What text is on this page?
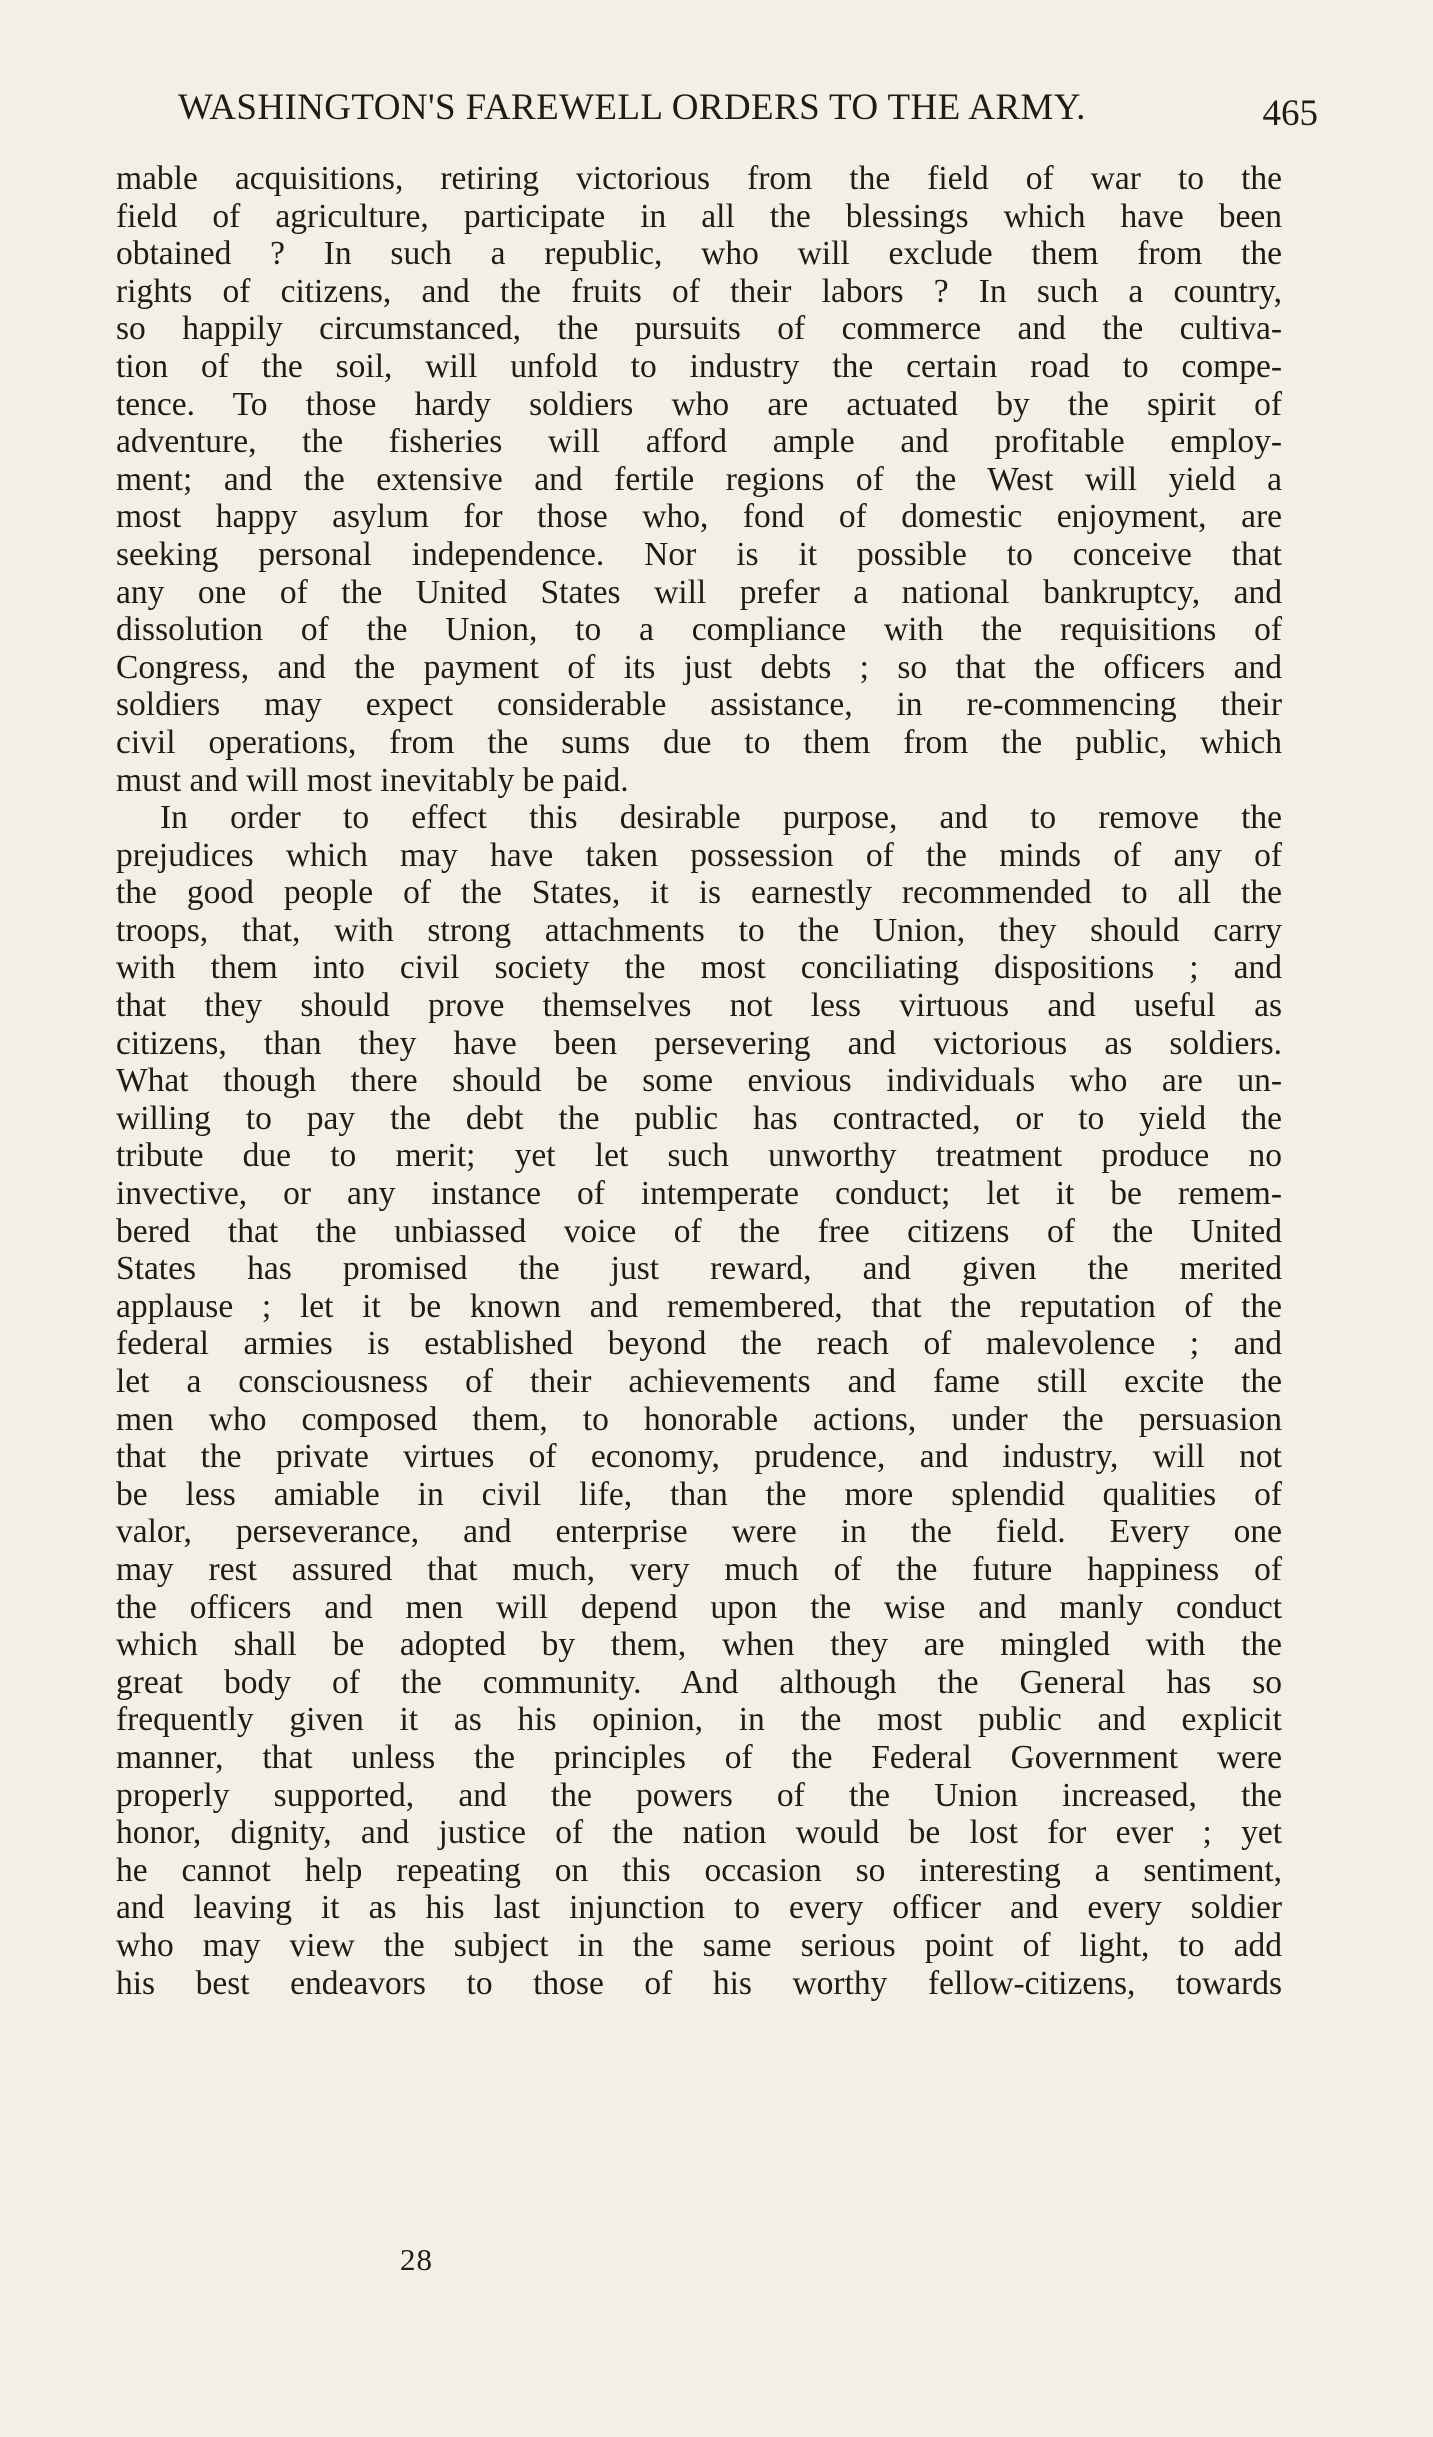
WASHINGTON'S FAREWELL ORDERS TO THE ARMY.	465
mable acquisitions, retiring victorious from the field of war to the
field of agriculture, participate in all the blessings which have been
obtained ? In such a republic, who will exclude them from the
rights of citizens, and the fruits of their labors ? In such a country,
so happily circumstanced, the pursuits of commerce and the cultiva-
tion of the soil, will unfold to industry the certain road to compe-
tence. To those hardy soldiers who are actuated by the spirit of
adventure, the fisheries will afford ample and profitable employ-
ment; and the extensive and fertile regions of the West will yield a
most happy asylum for those who, fond of domestic enjoyment, are
seeking personal independence. Nor is it possible to conceive that
any one of the United States will prefer a national bankruptcy, and
dissolution of the Union, to a compliance with the requisitions of
Congress, and the payment of its just debts ; so that the officers and
soldiers may expect considerable assistance, in re-commencing their
civil operations, from the sums due to them from the public, which
must and will most inevitably be paid.
In order to effect this desirable purpose, and to remove the
prejudices which may have taken possession of the minds of any of
the good people of the States, it is earnestly recommended to all the
troops, that, with strong attachments to the Union, they should carry
with them into civil society the most conciliating dispositions ; and
that they should prove themselves not less virtuous and useful as
citizens, than they have been persevering and victorious as soldiers.
What though there should be some envious individuals who are un-
willing to pay the debt the public has contracted, or to yield the
tribute due to merit; yet let such unworthy treatment produce no
invective, or any instance of intemperate conduct; let it be remem-
bered that the unbiassed voice of the free citizens of the United
States has promised the just reward, and given the merited
applause ; let it be known and remembered, that the reputation of the
federal armies is established beyond the reach of malevolence ; and
let a consciousness of their achievements and fame still excite the
men who composed them, to honorable actions, under the persuasion
that the private virtues of economy, prudence, and industry, will not
be less amiable in civil life, than the more splendid qualities of
valor, perseverance, and enterprise were in the field. Every one
may rest assured that much, very much of the future happiness of
the officers and men will depend upon the wise and manly conduct
which shall be adopted by them, when they are mingled with the
great body of the community. And although the General has so
frequently given it as his opinion, in the most public and explicit
manner, that unless the principles of the Federal Government were
properly supported, and the powers of the Union increased, the
honor, dignity, and justice of the nation would be lost for ever ; yet
he cannot help repeating on this occasion so interesting a sentiment,
and leaving it as his last injunction to every officer and every soldier
who may view the subject in the same serious point of light, to add
his best endeavors to those of his worthy fellow-citizens, towards
28
